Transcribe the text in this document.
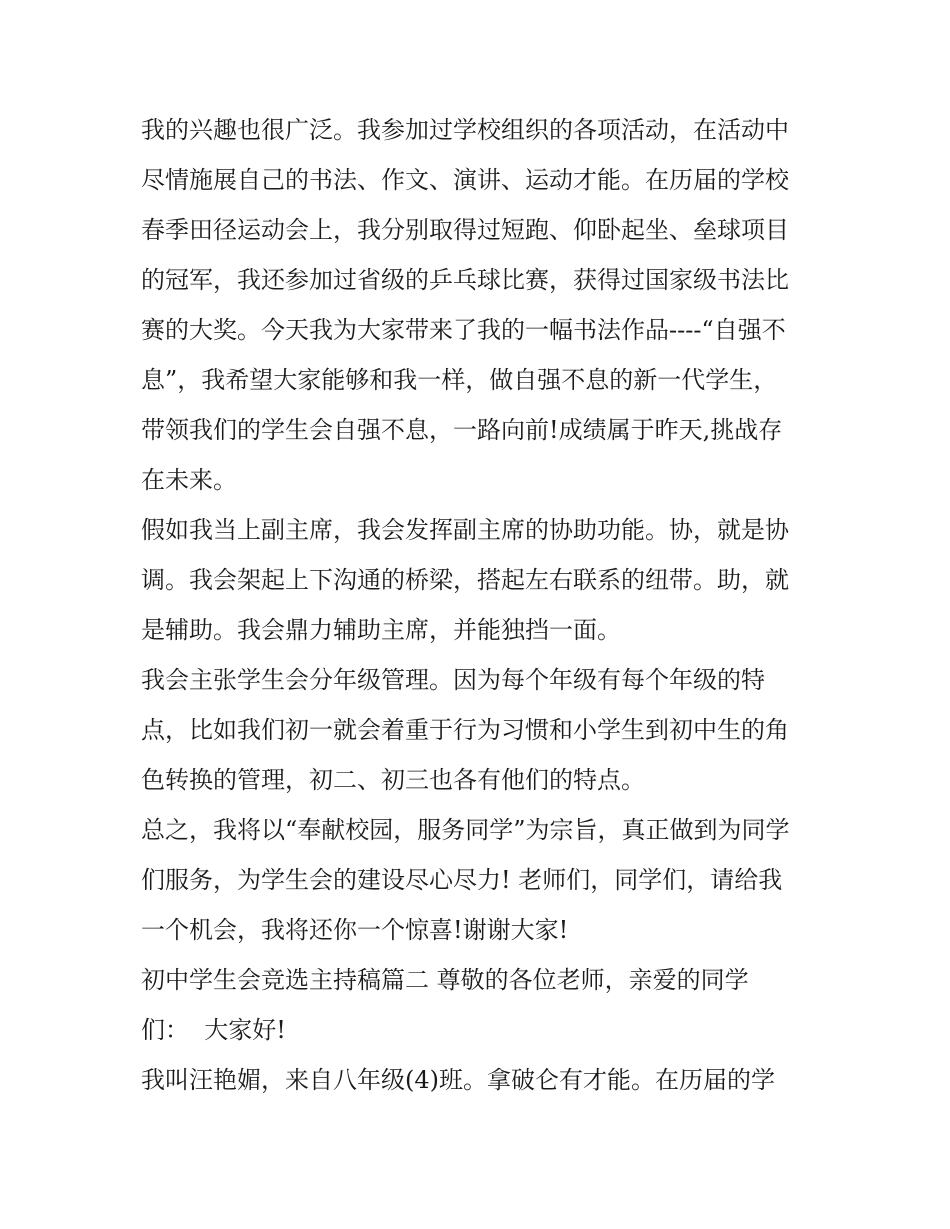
我的兴趣也很广泛。我参加过学校组织的各项活动，在活动中
尽情施展自己的书法、作文、演讲、运动才能。在历届的学校
春季田径运动会上，我分别取得过短跑、仰卧起坐、垒球项目
的冠军，我还参加过省级的乒乓球比赛，获得过国家级书法比
赛的大奖。今天我为大家带来了我的一幅书法作品----“自强不
息”，我希望大家能够和我一样，做自强不息的新一代学生，
带领我们的学生会自强不息，一路向前!成绩属于昨天,挑战存
在未来。
假如我当上副主席，我会发挥副主席的协助功能。协，就是协
调。我会架起上下沟通的桥梁，搭起左右联系的纽带。助，就
是辅助。我会鼎力辅助主席，并能独挡一面。
我会主张学生会分年级管理。因为每个年级有每个年级的特
点，比如我们初一就会着重于行为习惯和小学生到初中生的角
色转换的管理，初二、初三也各有他们的特点。
总之，我将以“奉献校园，服务同学”为宗旨，真正做到为同学
们服务，为学生会的建设尽心尽力! 老师们，同学们，请给我
一个机会，我将还你一个惊喜!谢谢大家!
初中学生会竞选主持稿篇二 尊敬的各位老师，亲爱的同学
们：  大家好!
我叫汪艳媚，来自八年级(4)班。拿破仑有才能。在历届的学
